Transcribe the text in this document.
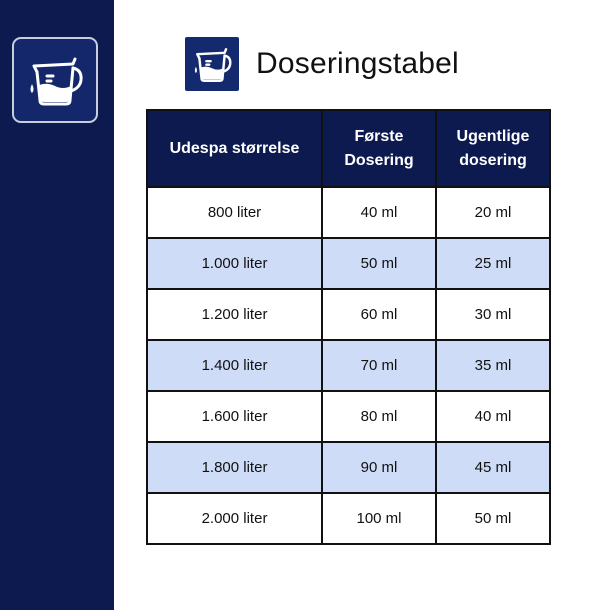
Doseringstabel
Udespa størrelse	Første Dosering	Ugentlige dosering
800 liter	40 ml	20 ml
1.000 liter	50 ml	25 ml
1.200 liter	60 ml	30 ml
1.400 liter	70 ml	35 ml
1.600 liter	80 ml	40 ml
1.800 liter	90 ml	45 ml
2.000 liter	100 ml	50 ml
